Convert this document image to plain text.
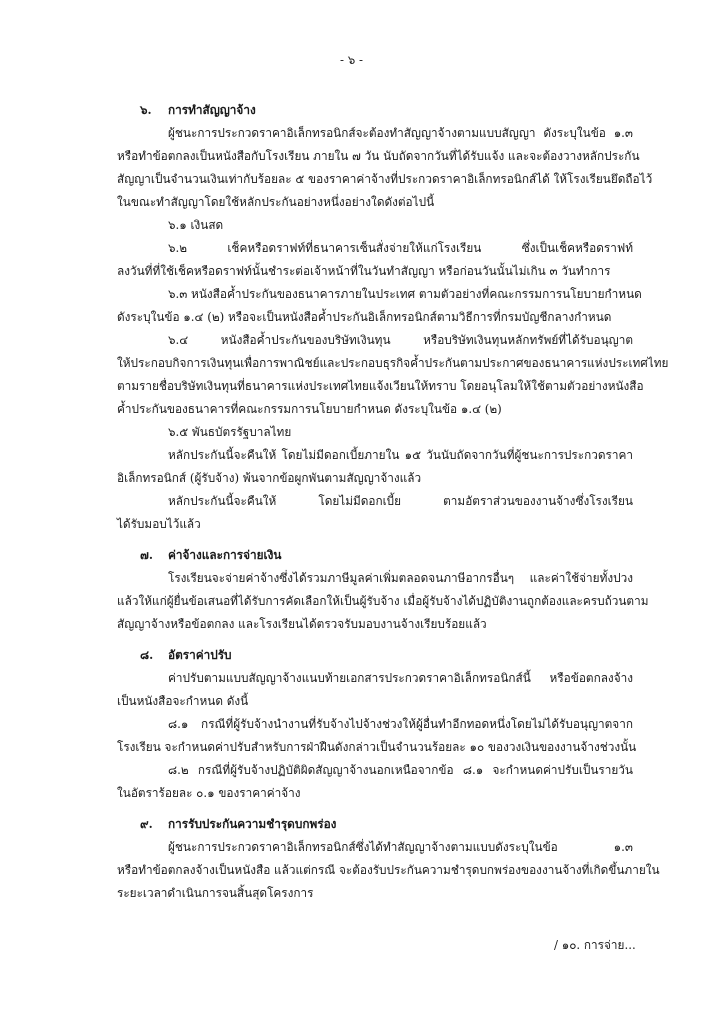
- ๖ -
๖. การทำสัญญาจ้าง
ผู้ชนะการประกวดราคาอิเล็กทรอนิกส์จะต้องทำสัญญาจ้างตามแบบสัญญา ดังระบุในข้อ ๑.๓
หรือทำข้อตกลงเป็นหนังสือกับโรงเรียน ภายใน ๗ วัน นับถัดจากวันที่ได้รับแจ้ง และจะต้องวางหลักประกัน
สัญญาเป็นจำนวนเงินเท่ากับร้อยละ ๕ ของราคาค่าจ้างที่ประกวดราคาอิเล็กทรอนิกส์ได้ ให้โรงเรียนยึดถือไว้
ในขณะทำสัญญาโดยใช้หลักประกันอย่างหนึ่งอย่างใดดังต่อไปนี้
๖.๑ เงินสด
๖.๒ เช็คหรือดราฟท์ที่ธนาคารเซ็นสั่งจ่ายให้แก่โรงเรียน ซึ่งเป็นเช็คหรือดราฟท์
ลงวันที่ที่ใช้เช็คหรือดราฟท์นั้นชำระต่อเจ้าหน้าที่ในวันทำสัญญา หรือก่อนวันนั้นไม่เกิน ๓ วันทำการ
๖.๓ หนังสือค้ำประกันของธนาคารภายในประเทศ ตามตัวอย่างที่คณะกรรมการนโยบายกำหนด
ดังระบุในข้อ ๑.๔ (๒) หรือจะเป็นหนังสือค้ำประกันอิเล็กทรอนิกส์ตามวิธีการที่กรมบัญชีกลางกำหนด
๖.๔ หนังสือค้ำประกันของบริษัทเงินทุน หรือบริษัทเงินทุนหลักทรัพย์ที่ได้รับอนุญาต
ให้ประกอบกิจการเงินทุนเพื่อการพาณิชย์และประกอบธุรกิจค้ำประกันตามประกาศของธนาคารแห่งประเทศไทย
ตามรายชื่อบริษัทเงินทุนที่ธนาคารแห่งประเทศไทยแจ้งเวียนให้ทราบ โดยอนุโลมให้ใช้ตามตัวอย่างหนังสือ
ค้ำประกันของธนาคารที่คณะกรรมการนโยบายกำหนด ดังระบุในข้อ ๑.๔ (๒)
๖.๕ พันธบัตรรัฐบาลไทย
หลักประกันนี้จะคืนให้ โดยไม่มีดอกเบี้ยภายใน ๑๕ วันนับถัดจากวันที่ผู้ชนะการประกวดราคา
อิเล็กทรอนิกส์ (ผู้รับจ้าง) พ้นจากข้อผูกพันตามสัญญาจ้างแล้ว
หลักประกันนี้จะคืนให้ โดยไม่มีดอกเบี้ย ตามอัตราส่วนของงานจ้างซึ่งโรงเรียน
ได้รับมอบไว้แล้ว
๗. ค่าจ้างและการจ่ายเงิน
โรงเรียนจะจ่ายค่าจ้างซึ่งได้รวมภาษีมูลค่าเพิ่มตลอดจนภาษีอากรอื่นๆ และค่าใช้จ่ายทั้งปวง
แล้วให้แก่ผู้ยื่นข้อเสนอที่ได้รับการคัดเลือกให้เป็นผู้รับจ้าง เมื่อผู้รับจ้างได้ปฏิบัติงานถูกต้องและครบถ้วนตาม
สัญญาจ้างหรือข้อตกลง และโรงเรียนได้ตรวจรับมอบงานจ้างเรียบร้อยแล้ว
๘. อัตราค่าปรับ
ค่าปรับตามแบบสัญญาจ้างแนบท้ายเอกสารประกวดราคาอิเล็กทรอนิกส์นี้ หรือข้อตกลงจ้าง
เป็นหนังสือจะกำหนด ดังนี้
๘.๑ กรณีที่ผู้รับจ้างนำงานที่รับจ้างไปจ้างช่วงให้ผู้อื่นทำอีกทอดหนึ่งโดยไม่ได้รับอนุญาตจาก
โรงเรียน จะกำหนดค่าปรับสำหรับการฝ่าฝืนดังกล่าวเป็นจำนวนร้อยละ ๑๐ ของวงเงินของงานจ้างช่วงนั้น
๘.๒ กรณีที่ผู้รับจ้างปฏิบัติผิดสัญญาจ้างนอกเหนือจากข้อ ๘.๑ จะกำหนดค่าปรับเป็นรายวัน
ในอัตราร้อยละ ๐.๑ ของราคาค่าจ้าง
๙. การรับประกันความชำรุดบกพร่อง
ผู้ชนะการประกวดราคาอิเล็กทรอนิกส์ซึ่งได้ทำสัญญาจ้างตามแบบดังระบุในข้อ ๑.๓
หรือทำข้อตกลงจ้างเป็นหนังสือ แล้วแต่กรณี จะต้องรับประกันความชำรุดบกพร่องของงานจ้างที่เกิดขึ้นภายใน
ระยะเวลาดำเนินการจนสิ้นสุดโครงการ
/ ๑๐. การจ่าย...
